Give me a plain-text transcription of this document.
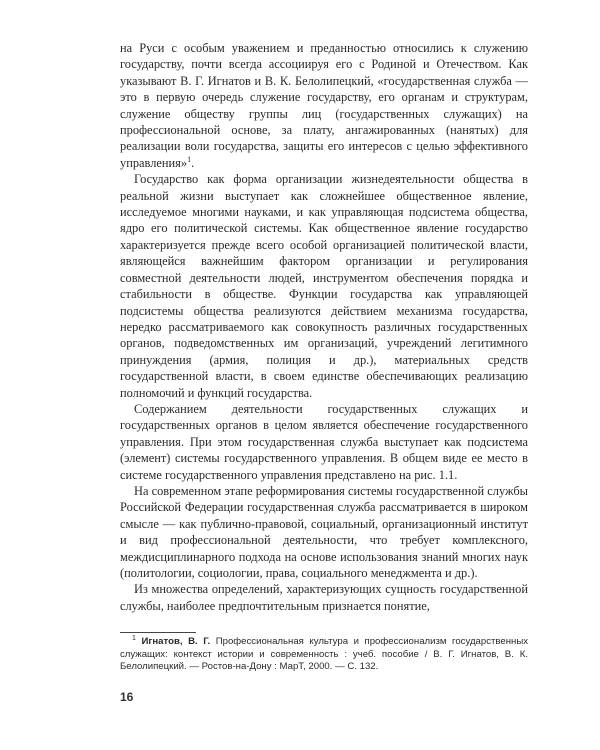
на Руси с особым уважением и преданностью относились к служению государству, почти всегда ассоциируя его с Родиной и Отечеством. Как указывают В. Г. Игнатов и В. К. Белолипецкий, «государственная служба — это в первую очередь служение государству, его органам и структурам, служение обществу группы лиц (государственных служащих) на профессиональной основе, за плату, ангажированных (нанятых) для реализации воли государства, защиты его интересов с целью эффективного управления»$^1$.

Государство как форма организации жизнедеятельности общества в реальной жизни выступает как сложнейшее общественное явление, исследуемое многими науками, и как управляющая подсистема общества, ядро его политической системы. Как общественное явление государство характеризуется прежде всего особой организацией политической власти, являющейся важнейшим фактором организации и регулирования совместной деятельности людей, инструментом обеспечения порядка и стабильности в обществе. Функции государства как управляющей подсистемы общества реализуются действием механизма государства, нередко рассматриваемого как совокупность различных государственных органов, подведомственных им организаций, учреждений легитимного принуждения (армия, полиция и др.), материальных средств государственной власти, в своем единстве обеспечивающих реализацию полномочий и функций государства.

Содержанием деятельности государственных служащих и государственных органов в целом является обеспечение государственного управления. При этом государственная служба выступает как подсистема (элемент) системы государственного управления. В общем виде ее место в системе государственного управления представлено на рис. 1.1.

На современном этапе реформирования системы государственной службы Российской Федерации государственная служба рассматривается в широком смысле — как публично-правовой, социальный, организационный институт и вид профессиональной деятельности, что требует комплексного, междисциплинарного подхода на основе использования знаний многих наук (политологии, социологии, права, социального менеджмента и др.).

Из множества определений, характеризующих сущность государственной службы, наиболее предпочтительным признается понятие,

$^1$ Игнатов, В. Г. Профессиональная культура и профессионализм государственных служащих: контекст истории и современность : учеб. пособие / В. Г. Игнатов, В. К. Белолипецкий. — Ростов-на-Дону : МарТ, 2000. — С. 132.
16
